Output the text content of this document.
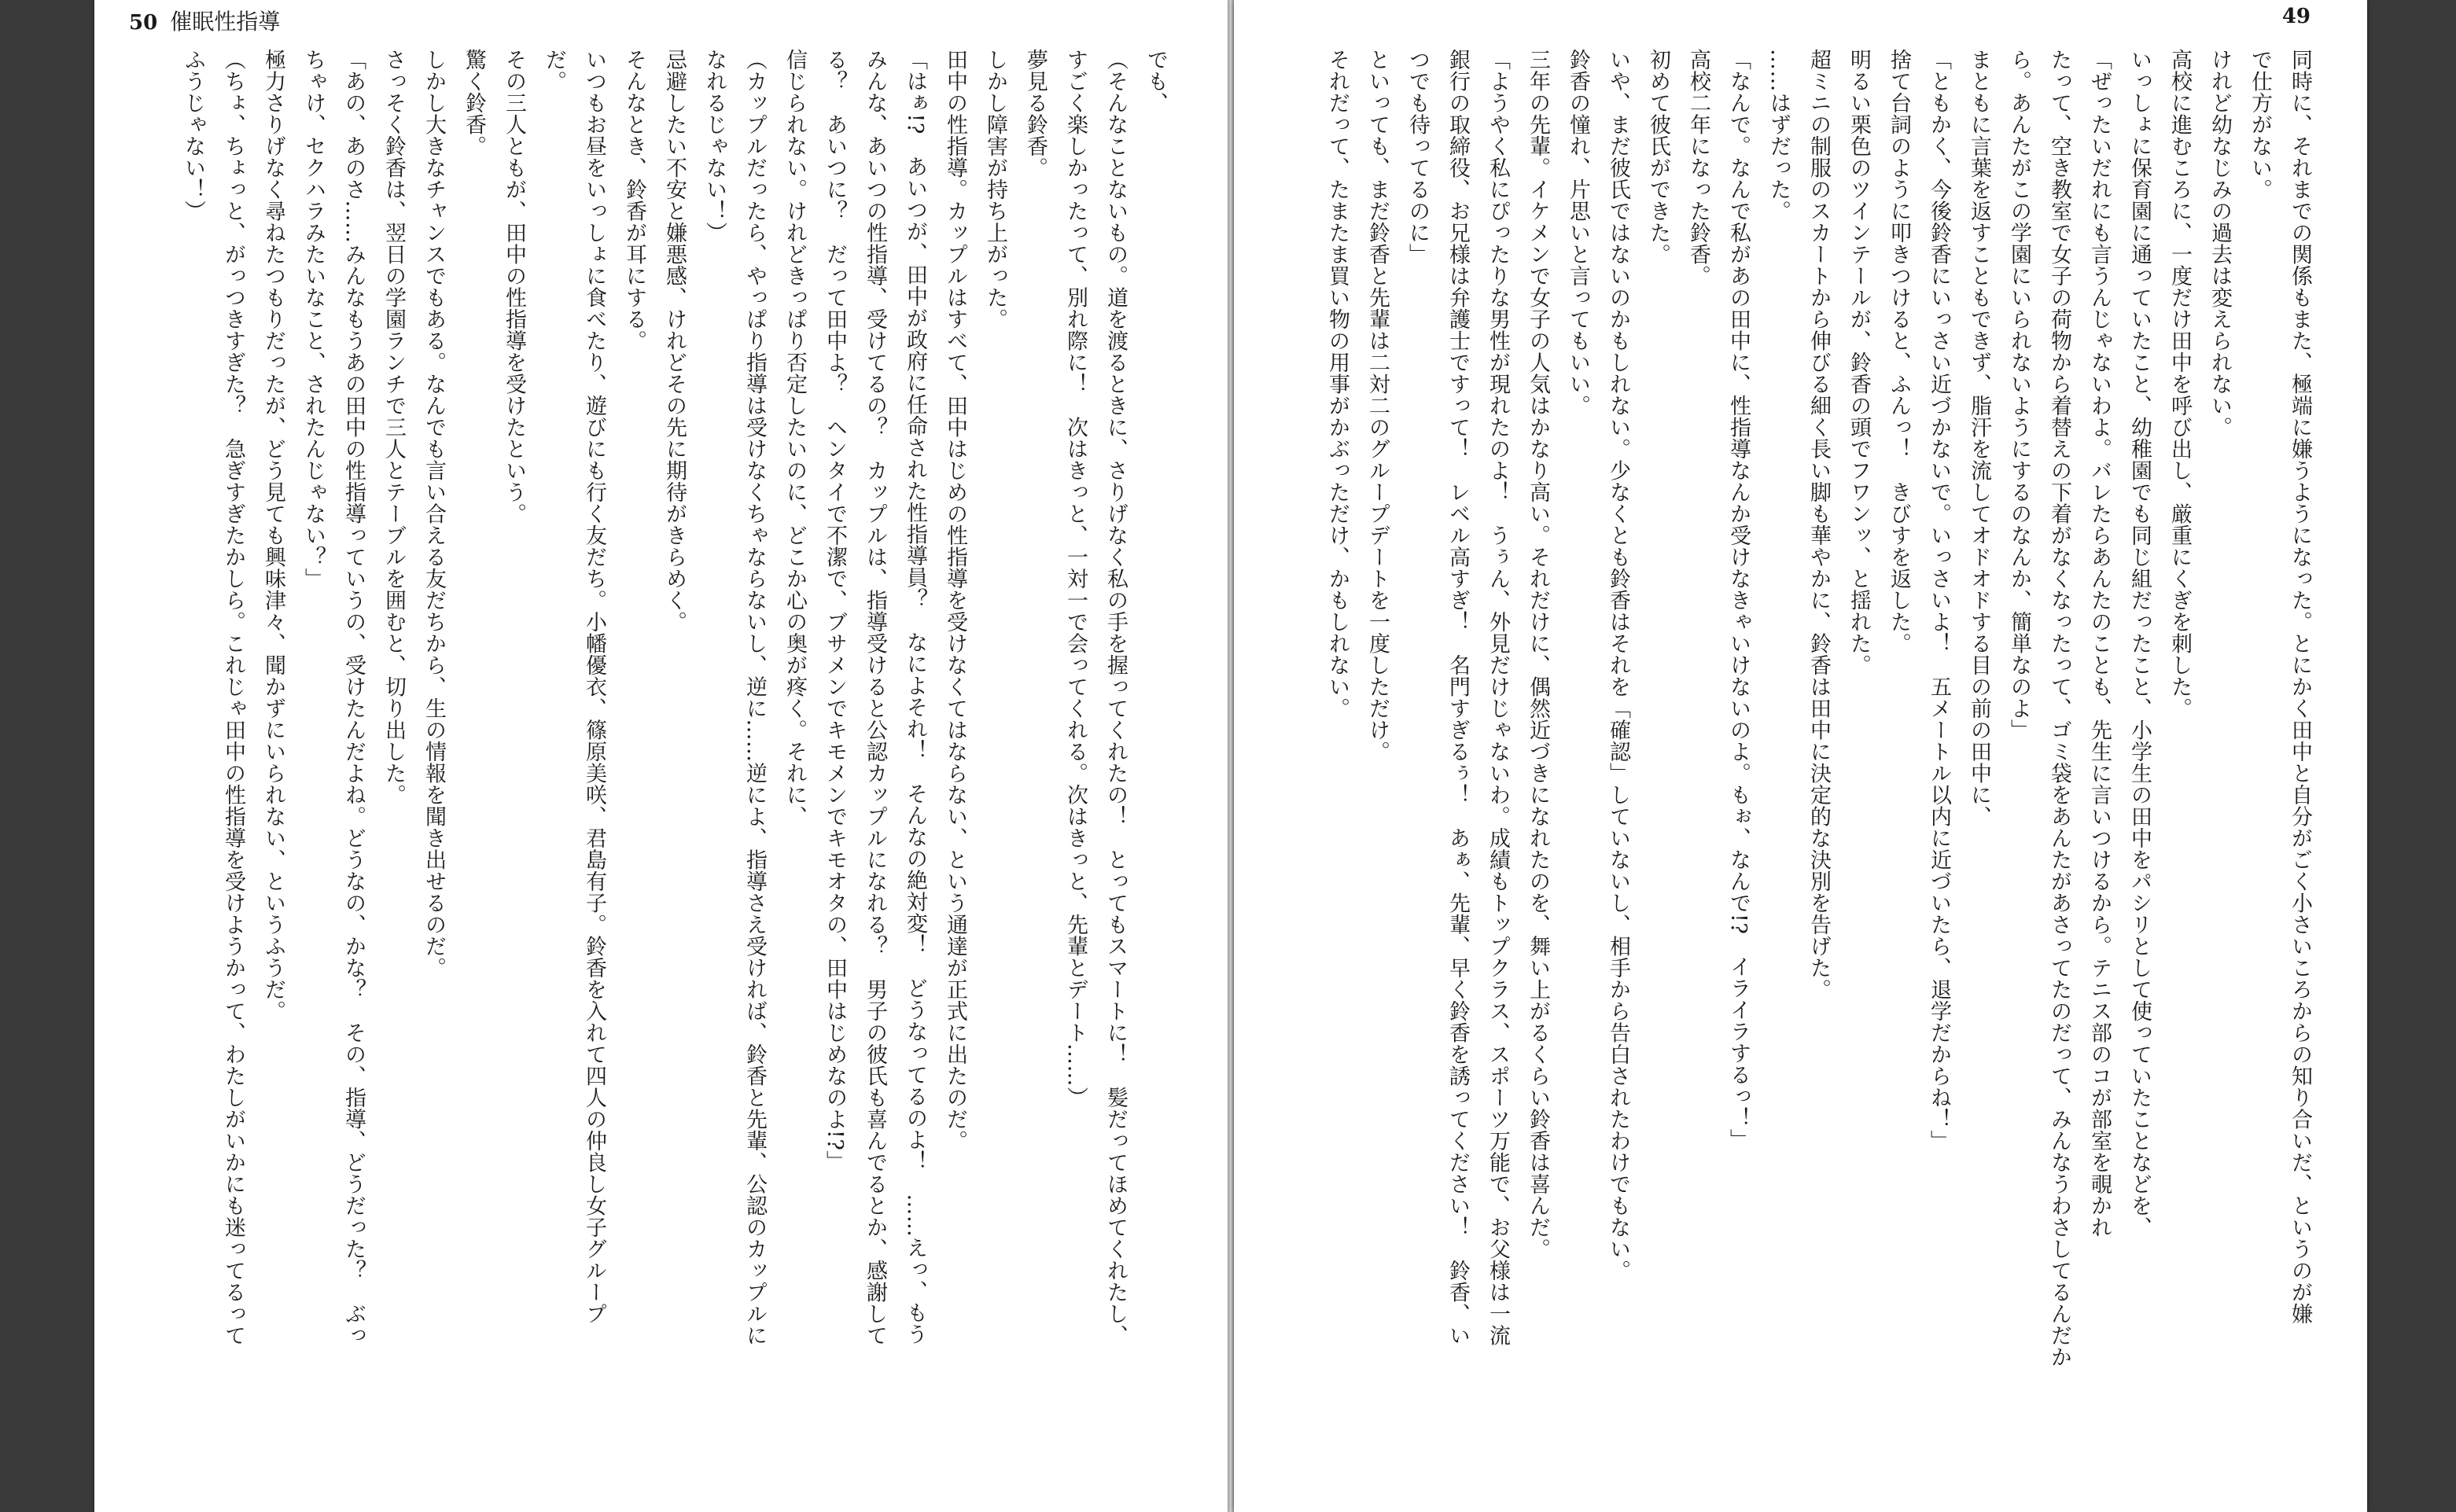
50 催眠性指導

でも、

（そんなことないもの。道を渡るときに、さりげなく私の手を握ってくれたの！　とってもスマートに！　髪だってほめてくれたし、

すごく楽しかったって、別れ際に！　次はきっと、一対一で会ってくれる。次はきっと、先輩とデート……）

夢見る鈴香。

しかし障害が持ち上がった。

田中の性指導。カップルはすべて、田中はじめの性指導を受けなくてはならない、という通達が正式に出たのだ。

「はぁ!?　あいつが、田中が政府に任命された性指導員？　なによそれ！　そんなの絶対変！　どうなってるのよ！　……えっ、もう

みんな、あいつの性指導、受けてるの？　カップルは、指導受けると公認カップルになれる？　男子の彼氏も喜んでるとか、感謝して

る？　あいつに？　だって田中よ？　ヘンタイで不潔で、ブサメンでキモメンでキモオタの、田中はじめなのよ!?」

信じられない。けれどきっぱり否定したいのに、どこか心の奥が疼く。それに、

（カップルだったら、やっぱり指導は受けなくちゃならないし、逆に……逆によ、指導さえ受ければ、鈴香と先輩、公認のカップルに

なれるじゃない！）

忌避したい不安と嫌悪感、けれどその先に期待がきらめく。

そんなとき、鈴香が耳にする。

いつもお昼をいっしょに食べたり、遊びにも行く友だち。小幡優衣、篠原美咲、君島有子。鈴香を入れて四人の仲良し女子グループ

だ。

その三人ともが、田中の性指導を受けたという。

驚く鈴香。

しかし大きなチャンスでもある。なんでも言い合える友だちから、生の情報を聞き出せるのだ。

さっそく鈴香は、翌日の学園ランチで三人とテーブルを囲むと、切り出した。

「あの、あのさ……みんなもうあの田中の性指導っていうの、受けたんだよね。どうなの、かな？　その、指導、どうだった？　ぶっ

ちゃけ、セクハラみたいなこと、されたんじゃない？」

極力さりげなく尋ねたつもりだったが、どう見ても興味津々、聞かずにいられない、というふうだ。

（ちょ、ちょっと、がっつきすぎた？　急ぎすぎたかしら。これじゃ田中の性指導を受けようかって、わたしがいかにも迷ってるって

ふうじゃない！）

49

同時に、それまでの関係もまた、極端に嫌うようになった。とにかく田中と自分がごく小さいころからの知り合いだ、というのが嫌

で仕方がない。

けれど幼なじみの過去は変えられない。

高校に進むころに、一度だけ田中を呼び出し、厳重にくぎを刺した。

いっしょに保育園に通っていたこと、幼稚園でも同じ組だったこと、小学生の田中をパシリとして使っていたことなどを、

「ぜったいだれにも言うんじゃないわよ。バレたらあんたのことも、先生に言いつけるから。テニス部のコが部室を覗かれ

たって、空き教室で女子の荷物から着替えの下着がなくなったって、ゴミ袋をあんたがあさってたのだって、みんなうわさしてるんだか

ら。あんたがこの学園にいられないようにするのなんか、簡単なのよ」

まともに言葉を返すこともできず、脂汗を流してオドオドする目の前の田中に、

「ともかく、今後鈴香にいっさい近づかないで。いっさいよ！　五メートル以内に近づいたら、退学だからね！」

捨て台詞のように叩きつけると、ふんっ！　きびすを返した。

明るい栗色のツインテールが、鈴香の頭でフワンッ、と揺れた。

超ミニの制服のスカートから伸びる細く長い脚も華やかに、鈴香は田中に決定的な決別を告げた。

……はずだった。

「なんで。なんで私があの田中に、性指導なんか受けなきゃいけないのよ。もぉ、なんで!?　イライラするっ！」

高校二年になった鈴香。

初めて彼氏ができた。

いや、まだ彼氏ではないのかもしれない。少なくとも鈴香はそれを「確認」していないし、相手から告白されたわけでもない。

鈴香の憧れ、片思いと言ってもいい。

三年の先輩。イケメンで女子の人気はかなり高い。それだけに、偶然近づきになれたのを、舞い上がるくらい鈴香は喜んだ。

「ようやく私にぴったりな男性が現れたのよ！　うぅん、外見だけじゃないわ。成績もトップクラス、スポーツ万能で、お父様は一流

銀行の取締役、お兄様は弁護士ですって！　レベル高すぎ！　名門すぎるぅ！　あぁ、先輩、早く鈴香を誘ってください！　鈴香、い

つでも待ってるのに」

といっても、まだ鈴香と先輩は二対二のグループデートを一度しただけ。

それだって、たまたま買い物の用事がかぶっただけ、かもしれない。
